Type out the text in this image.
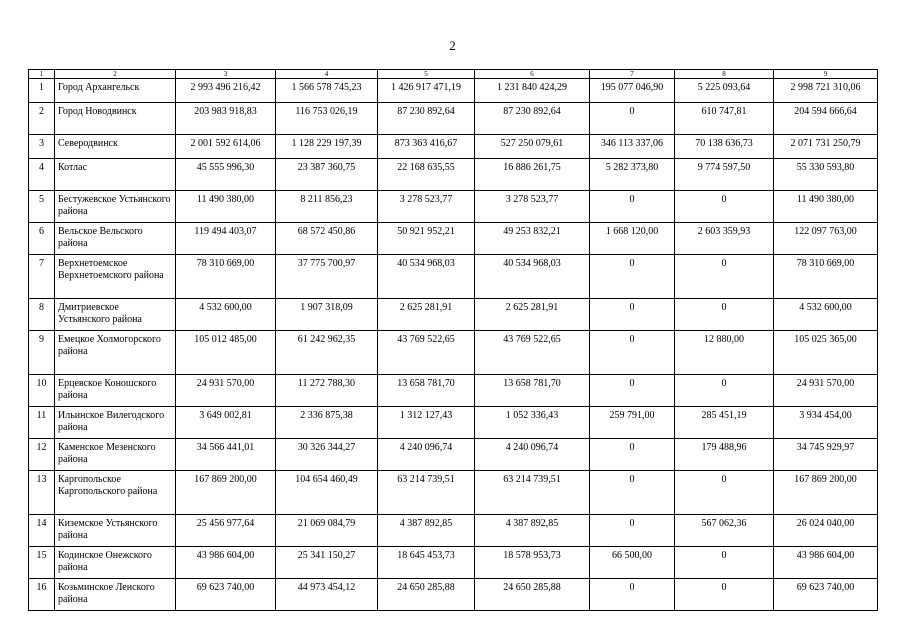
2
1	2	3	4	5	6	7	8	9
1	Город Архангельск	2 993 496 216,42	1 566 578 745,23	1 426 917 471,19	1 231 840 424,29	195 077 046,90	5 225 093,64	2 998 721 310,06
2	Город Новодвинск	203 983 918,83	116 753 026,19	87 230 892,64	87 230 892,64	0	610 747,81	204 594 666,64
3	Северодвинск	2 001 592 614,06	1 128 229 197,39	873 363 416,67	527 250 079,61	346 113 337,06	70 138 636,73	2 071 731 250,79
4	Котлас	45 555 996,30	23 387 360,75	22 168 635,55	16 886 261,75	5 282 373,80	9 774 597,50	55 330 593,80
5	Бестужевское Устьянского района	11 490 380,00	8 211 856,23	3 278 523,77	3 278 523,77	0	0	11 490 380,00
6	Вельское Вельского района	119 494 403,07	68 572 450,86	50 921 952,21	49 253 832,21	1 668 120,00	2 603 359,93	122 097 763,00
7	Верхнетоемское Верхнетоемского района	78 310 669,00	37 775 700,97	40 534 968,03	40 534 968,03	0	0	78 310 669,00
8	Дмитриевское Устьянского района	4 532 600,00	1 907 318,09	2 625 281,91	2 625 281,91	0	0	4 532 600,00
9	Емецкое Холмогорского района	105 012 485,00	61 242 962,35	43 769 522,65	43 769 522,65	0	12 880,00	105 025 365,00
10	Ерцевское Коношского района	24 931 570,00	11 272 788,30	13 658 781,70	13 658 781,70	0	0	24 931 570,00
11	Ильинское Вилегодского района	3 649 002,81	2 336 875,38	1 312 127,43	1 052 336,43	259 791,00	285 451,19	3 934 454,00
12	Каменское Мезенского района	34 566 441,01	30 326 344,27	4 240 096,74	4 240 096,74	0	179 488,96	34 745 929,97
13	Каргопольское Каргопольского района	167 869 200,00	104 654 460,49	63 214 739,51	63 214 739,51	0	0	167 869 200,00
14	Киземское Устьянского района	25 456 977,64	21 069 084,79	4 387 892,85	4 387 892,85	0	567 062,36	26 024 040,00
15	Кодинское Онежского района	43 986 604,00	25 341 150,27	18 645 453,73	18 578 953,73	66 500,00	0	43 986 604,00
16	Козьминское Ленского района	69 623 740,00	44 973 454,12	24 650 285,88	24 650 285,88	0	0	69 623 740,00
